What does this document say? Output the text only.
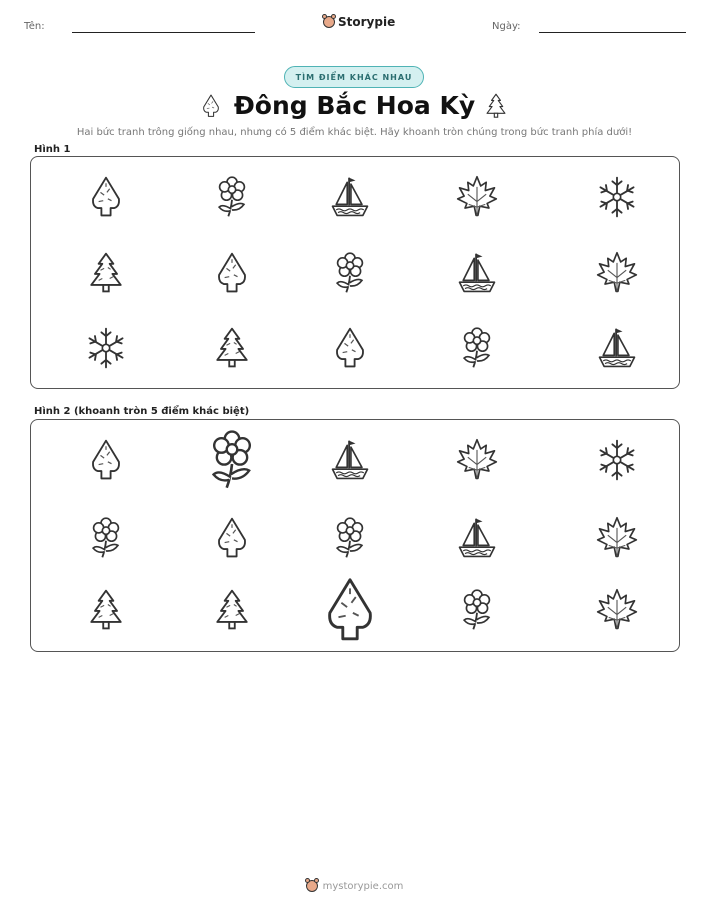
Tên:	Storypie	Ngày:
TÌM ĐIỂM KHÁC NHAU
Đông Bắc Hoa Kỳ
Hai bức tranh trông giống nhau, nhưng có 5 điểm khác biệt. Hãy khoanh tròn chúng trong bức tranh phía dưới!
Hình 1
Hình 2 (khoanh tròn 5 điểm khác biệt)
mystorypie.com
